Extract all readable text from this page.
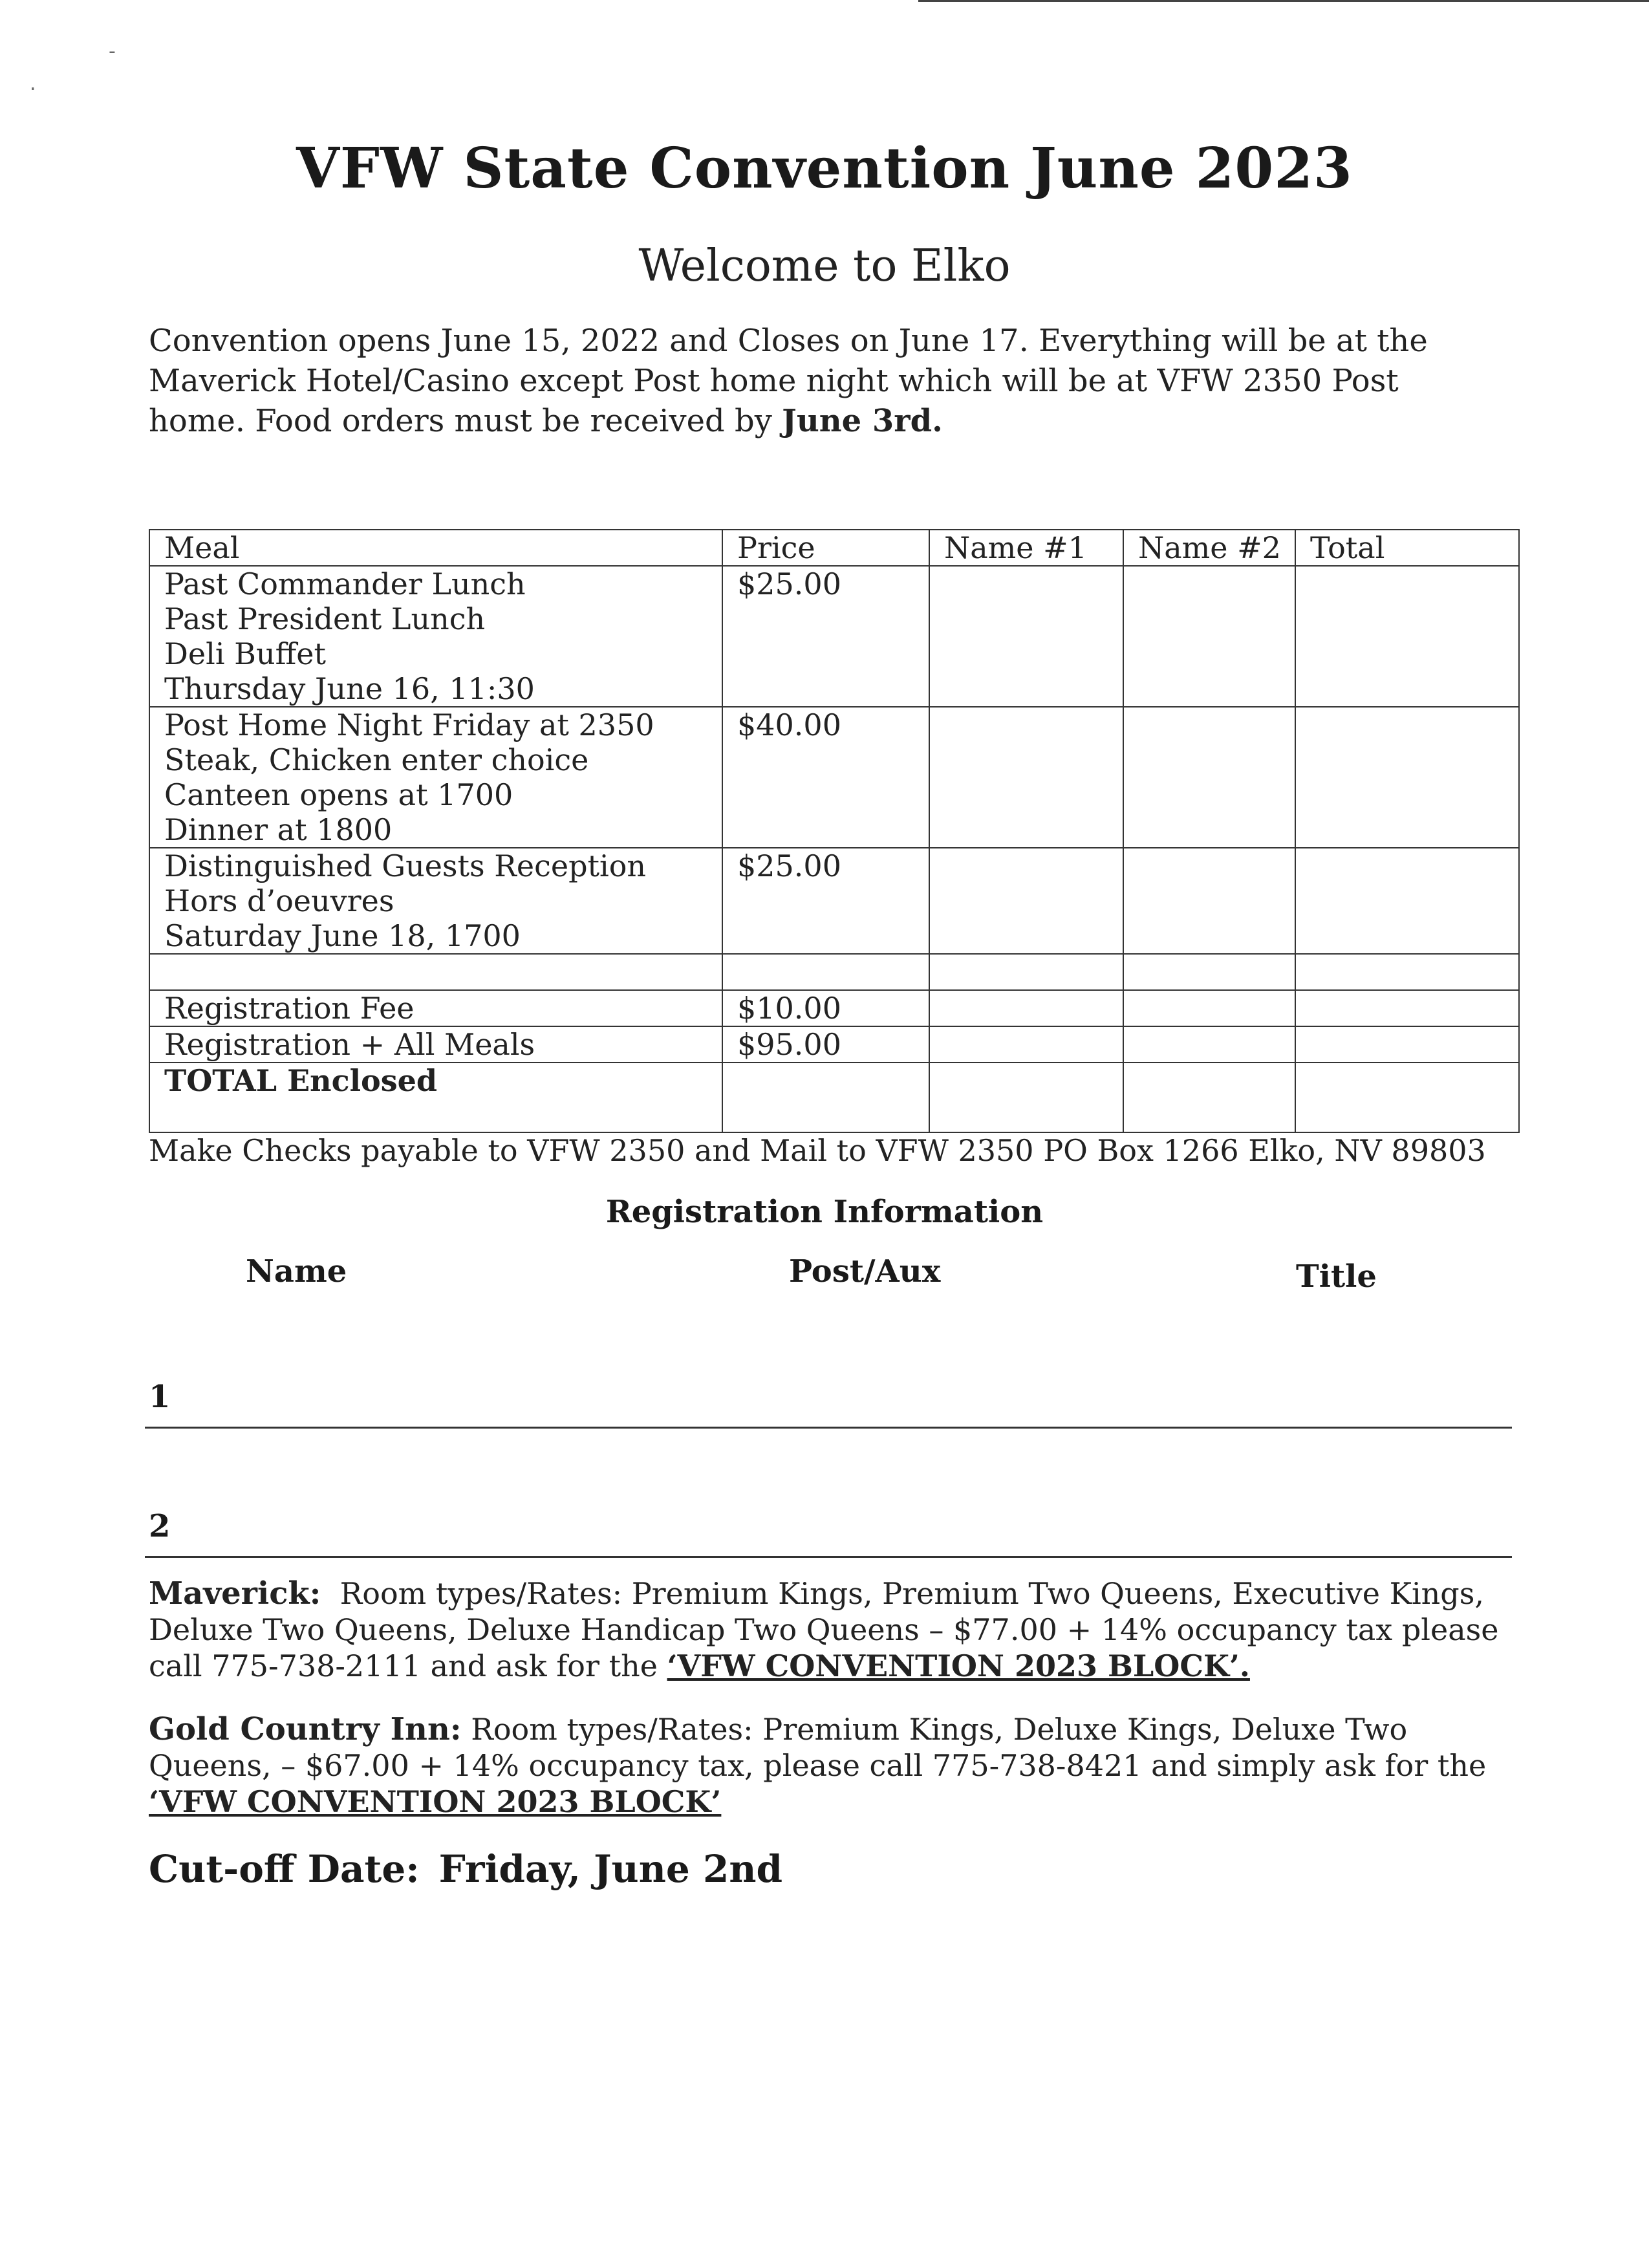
-
.
VFW State Convention June 2023
Welcome to Elko
Convention opens June 15, 2022 and Closes on June 17. Everything will be at the Maverick Hotel/Casino except Post home night which will be at VFW 2350 Post home. Food orders must be received by June 3rd.
Meal	Price	Name #1	Name #2	Total

Past Commander Lunch
Past President Lunch
Deli Buffet
Thursday June 16, 11:30	$25.00			

Post Home Night Friday at 2350
Steak, Chicken enter choice
Canteen opens at 1700
Dinner at 1800	$40.00			

Distinguished Guests Reception
Hors d’oeuvres
Saturday June 18, 1700	$25.00			

Registration Fee	$10.00			
Registration + All Meals	$95.00			
TOTAL Enclosed				
Make Checks payable to VFW 2350 and Mail to VFW 2350 PO Box 1266 Elko, NV 89803
Registration Information
Name	Post/Aux	Title
1
2
Maverick: Room types/Rates: Premium Kings, Premium Two Queens, Executive Kings, Deluxe Two Queens, Deluxe Handicap Two Queens – $77.00 + 14% occupancy tax please call 775-738-2111 and ask for the ‘VFW CONVENTION 2023 BLOCK’.
Gold Country Inn: Room types/Rates: Premium Kings, Deluxe Kings, Deluxe Two Queens, – $67.00 + 14% occupancy tax, please call 775-738-8421 and simply ask for the ‘VFW CONVENTION 2023 BLOCK’
Cut-off Date: Friday, June 2nd
